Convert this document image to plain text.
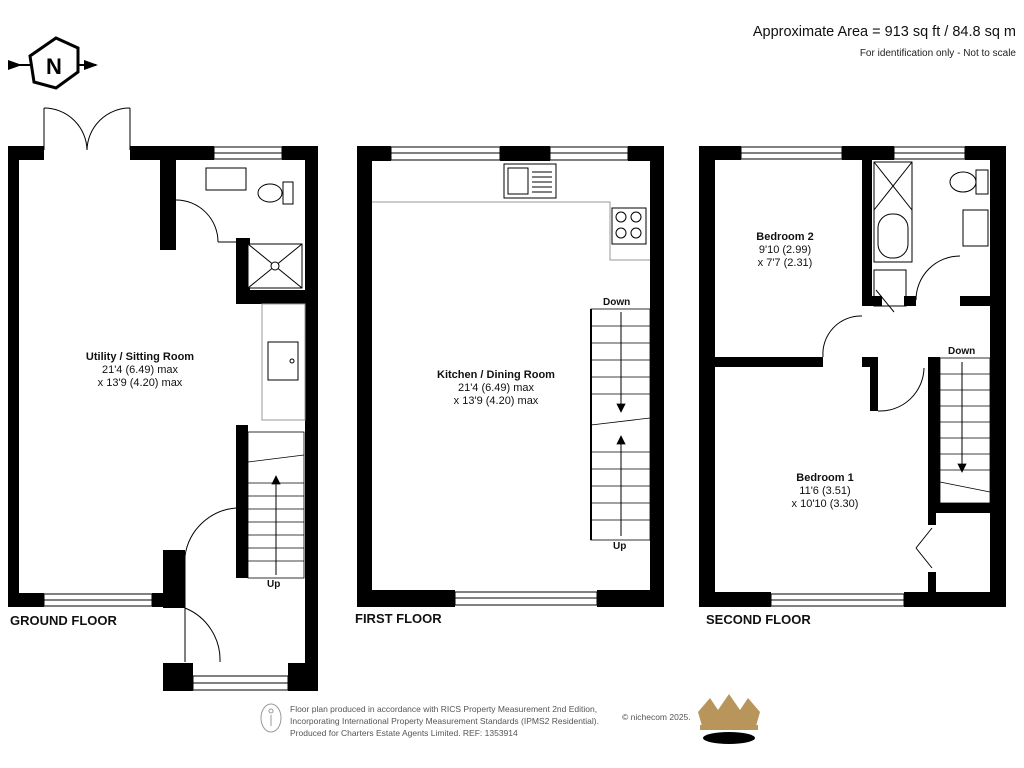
N
Approximate Area = 913 sq ft / 84.8 sq m
For identification only - Not to scale
GROUND FLOOR	FIRST FLOOR	SECOND FLOOR
Utility / Sitting Room
21'4 (6.49) max
x 13'9 (4.20) max
Kitchen / Dining Room
21'4 (6.49) max
x 13'9 (4.20) max
Bedroom 2
9'10 (2.99)
x 7'7 (2.31)
Bedroom 1
11'6 (3.51)
x 10'10 (3.30)
Up
Down
Up
Down
Floor plan produced in accordance with RICS Property Measurement 2nd Edition,
Incorporating International Property Measurement Standards (IPMS2 Residential).
Produced for Charters Estate Agents Limited. REF: 1353914
© nichecom 2025.
